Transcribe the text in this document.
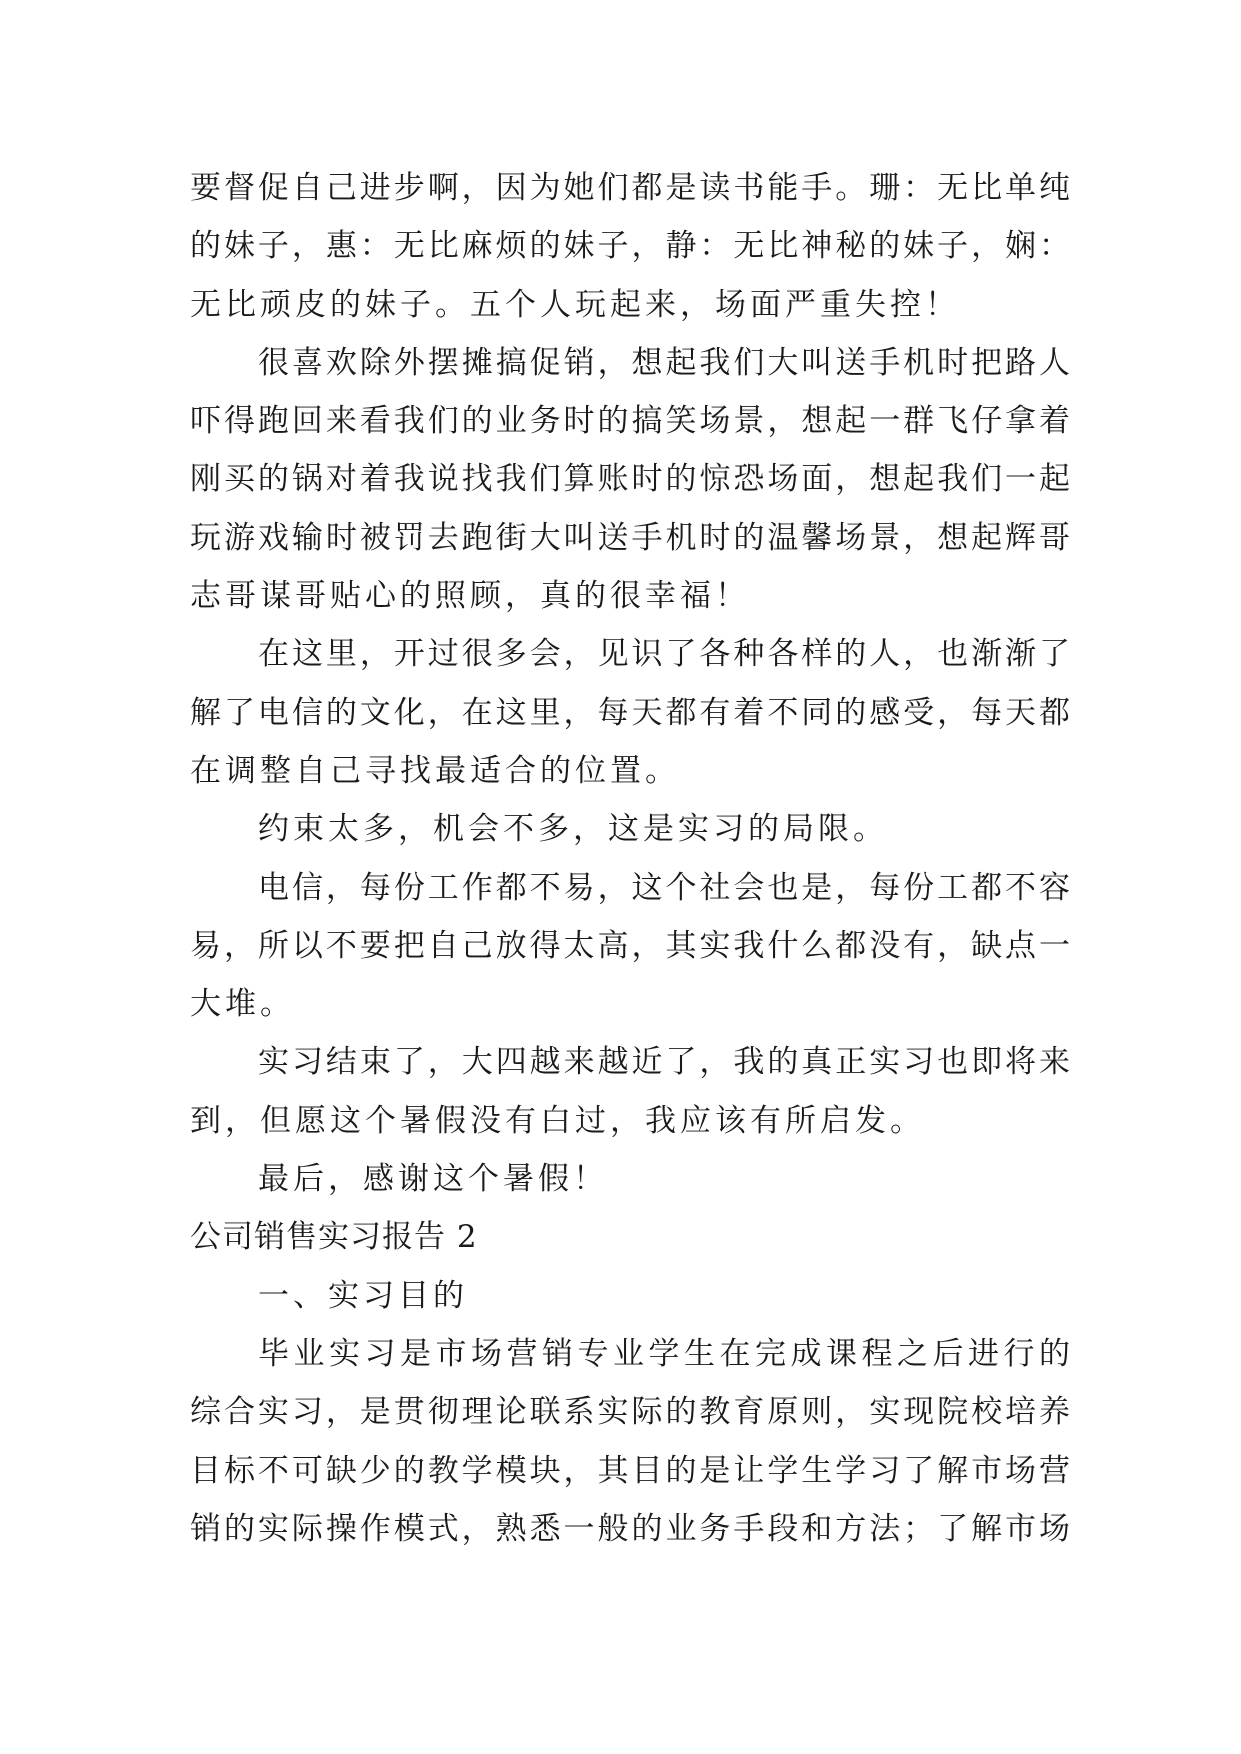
要督促自己进步啊，因为她们都是读书能手。珊：无比单纯
的妹子，惠：无比麻烦的妹子，静：无比神秘的妹子，娴：
无比顽皮的妹子。五个人玩起来，场面严重失控！
很喜欢除外摆摊搞促销，想起我们大叫送手机时把路人
吓得跑回来看我们的业务时的搞笑场景，想起一群飞仔拿着
刚买的锅对着我说找我们算账时的惊恐场面，想起我们一起
玩游戏输时被罚去跑街大叫送手机时的温馨场景，想起辉哥
志哥谋哥贴心的照顾，真的很幸福！
在这里，开过很多会，见识了各种各样的人，也渐渐了
解了电信的文化，在这里，每天都有着不同的感受，每天都
在调整自己寻找最适合的位置。
约束太多，机会不多，这是实习的局限。
电信，每份工作都不易，这个社会也是，每份工都不容
易，所以不要把自己放得太高，其实我什么都没有，缺点一
大堆。
实习结束了，大四越来越近了，我的真正实习也即将来
到，但愿这个暑假没有白过，我应该有所启发。
最后，感谢这个暑假！
公司销售实习报告 2
一、实习目的
毕业实习是市场营销专业学生在完成课程之后进行的
综合实习，是贯彻理论联系实际的教育原则，实现院校培养
目标不可缺少的教学模块，其目的是让学生学习了解市场营
销的实际操作模式，熟悉一般的业务手段和方法；了解市场
